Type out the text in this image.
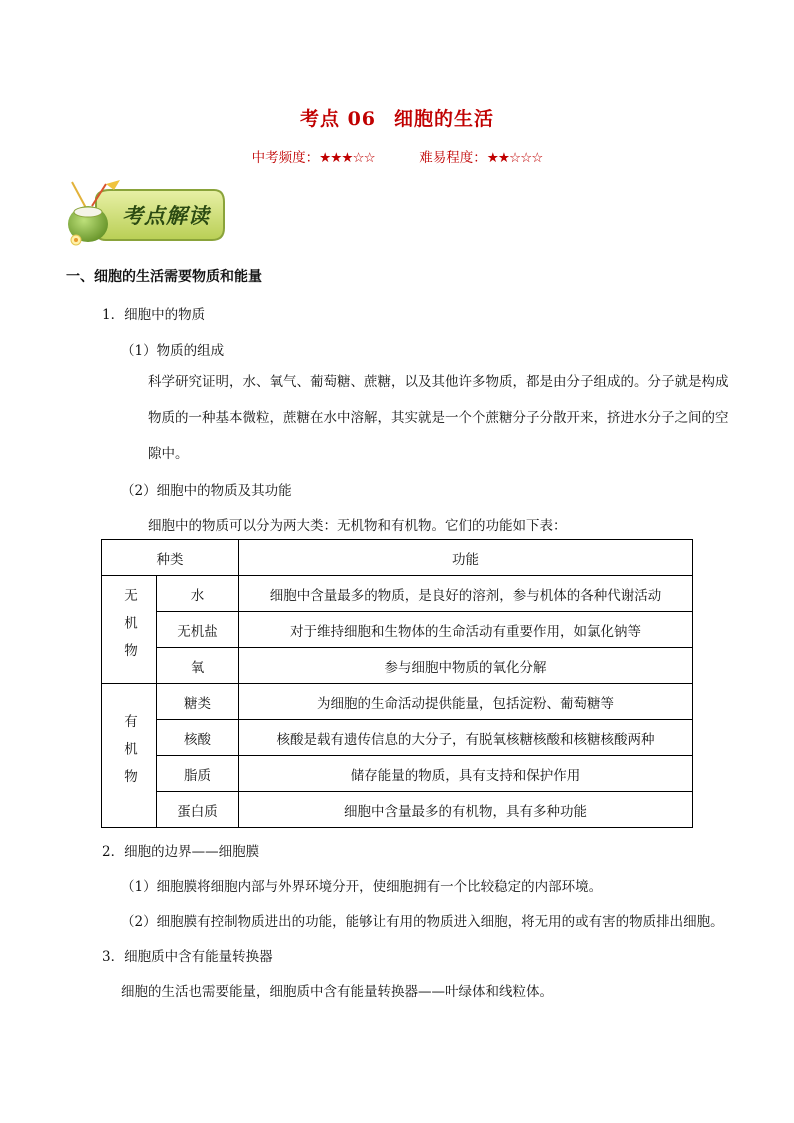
考点 06 细胞的生活
中考频度：★★★☆☆	难易程度：★★☆☆☆
考点解读
一、细胞的生活需要物质和能量
1．细胞中的物质
（1）物质的组成
科学研究证明，水、氧气、葡萄糖、蔗糖，以及其他许多物质，都是由分子组成的。分子就是构成物质的一种基本微粒，蔗糖在水中溶解，其实就是一个个蔗糖分子分散开来，挤进水分子之间的空隙中。
（2）细胞中的物质及其功能
细胞中的物质可以分为两大类：无机物和有机物。它们的功能如下表：
种类		功能
无机物	水	细胞中含量最多的物质，是良好的溶剂，参与机体的各种代谢活动
	无机盐	对于维持细胞和生物体的生命活动有重要作用，如氯化钠等
	氧	参与细胞中物质的氧化分解
有机物	糖类	为细胞的生命活动提供能量，包括淀粉、葡萄糖等
	核酸	核酸是载有遗传信息的大分子，有脱氧核糖核酸和核糖核酸两种
	脂质	储存能量的物质，具有支持和保护作用
	蛋白质	细胞中含量最多的有机物，具有多种功能
2．细胞的边界——细胞膜
（1）细胞膜将细胞内部与外界环境分开，使细胞拥有一个比较稳定的内部环境。
（2）细胞膜有控制物质进出的功能，能够让有用的物质进入细胞，将无用的或有害的物质排出细胞。
3．细胞质中含有能量转换器
细胞的生活也需要能量，细胞质中含有能量转换器——叶绿体和线粒体。
